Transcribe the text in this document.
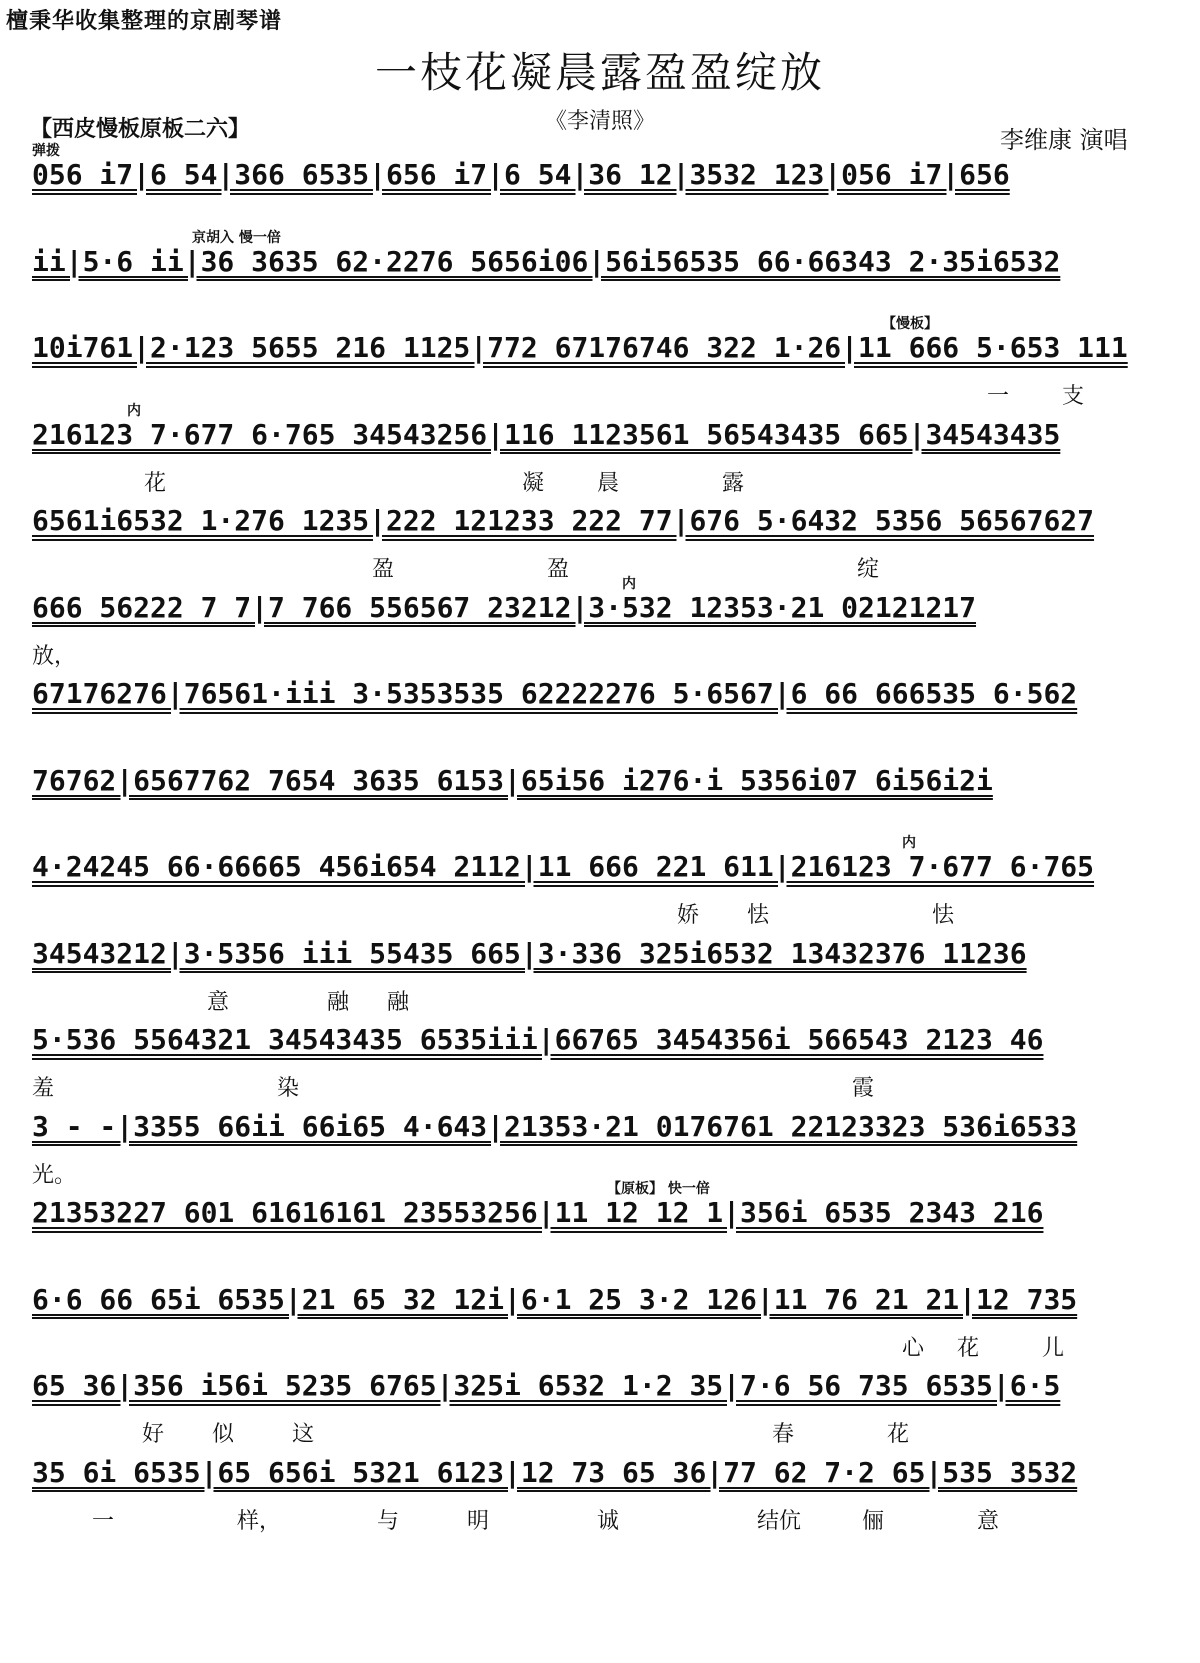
檀秉华收集整理的京剧琴谱
一枝花凝晨露盈盈绽放
《李清照》
【西皮慢板原板二六】	李维康 演唱
056 i7|6 54|366 6535|656 i7|6 54|36 12|3532 123|056 i7|656
弹拨
ii|5·6 ii|36 3635 62·2276 5656i06|56i56535 66·66343 2·35i6532
京胡入 慢一倍
10i761|2·123 5655 216 1125|772 67176746 322 1·26|11 666 5·653 111
【慢板】
一 支
216123 7·677 6·765 34543256|116 1123561 56543435 665|34543435
内
花	凝 晨	露
6561i6532 1·276 1235|222 121233 222 77|676 5·6432 5356 56567627
盈	盈	绽
666 56222 7 7|7 766 556567 23212|3·532 12353·21 02121217
内
放，
67176276|76561·iii 3·5353535 62222276 5·6567|6 66 666535 6·562
76762|6567762 7654 3635 6153|65i56 i276·i 5356i07 6i56i2i
4·24245 66·66665 456i654 2112|11 666 221 611|216123 7·677 6·765
内
娇 怯	怯
34543212|3·5356 iii 55435 665|3·336 325i6532 13432376 11236
意	融 融
5·536 5564321 34543435 6535iii|66765 3454356i 566543 2123 46
羞	染	霞
3 - -|3355 66ii 66i65 4·643|21353·21 0176761 22123323 536i6533
光。
21353227 601 61616161 23553256|11 12 12 1|356i 6535 2343 216
【原板】 快一倍
6·6 66 65i 6535|21 65 32 12i|6·1 25 3·2 126|11 76 21 21|12 735
心 花	儿
65 36|356 i56i 5235 6765|325i 6532 1·2 35|7·6 56 735 6535|6·5
好 似	这	春	花
35 6i 6535|65 656i 5321 6123|12 73 65 36|77 62 7·2 65|535 3532
一	样，	与	明	诚	结伉	俪	意
